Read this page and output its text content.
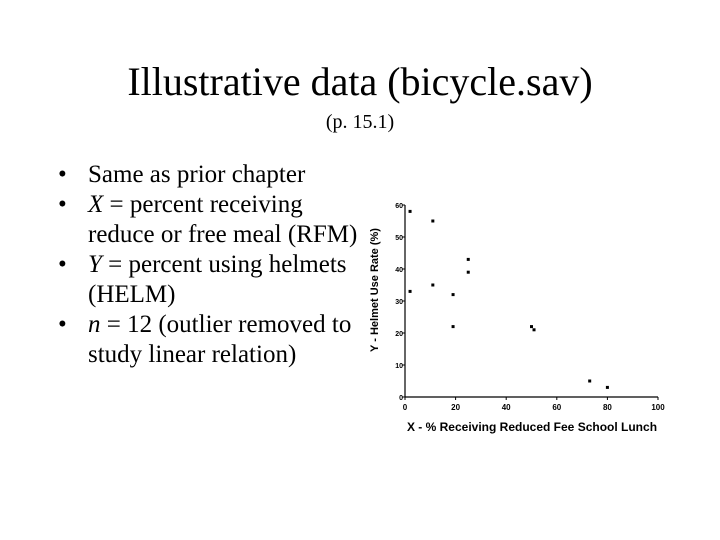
Illustrative data (bicycle.sav)
(p. 15.1)
• Same as prior chapter
• X = percent receiving reduce or free meal (RFM)
• Y = percent using helmets (HELM)
• n = 12 (outlier removed to study linear relation)
0	20	40	60	80	100
0
10
20
30
40
50
60
X - % Receiving Reduced Fee School Lunch
Y - Helmet Use Rate (%)
